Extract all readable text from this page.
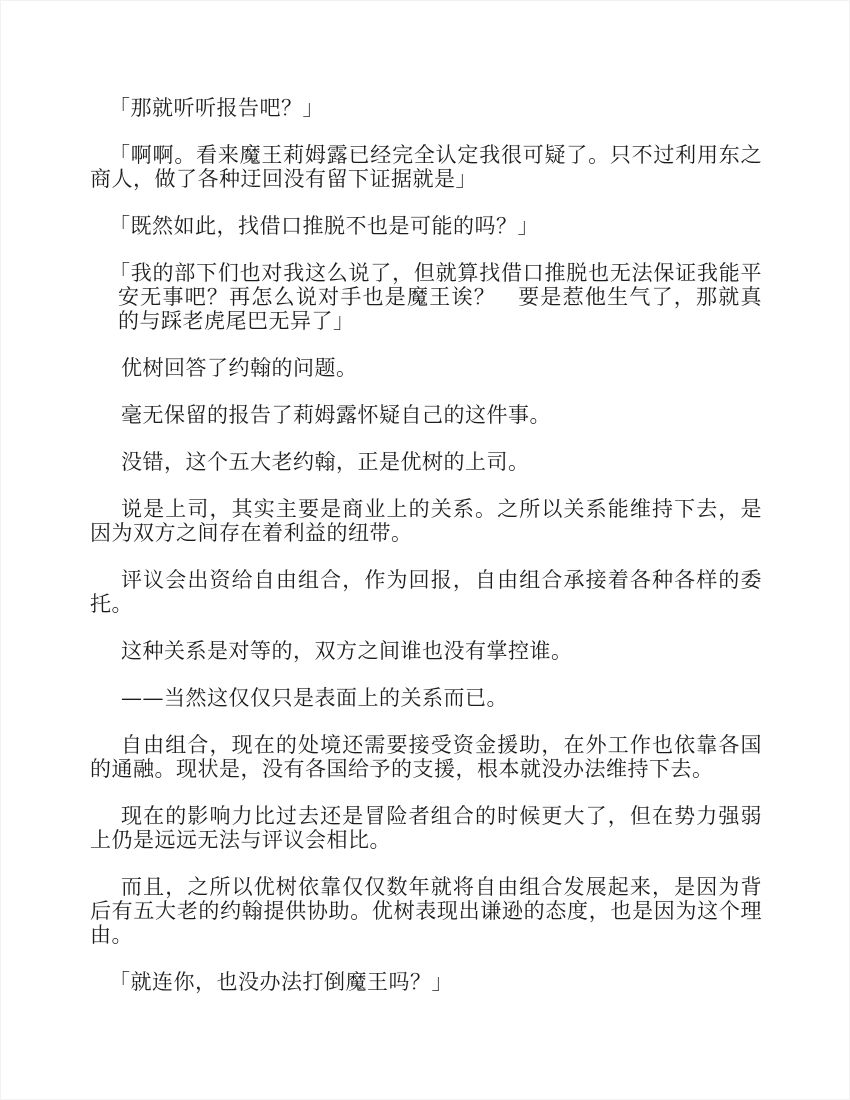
「那就听听报告吧？」

「啊啊。看来魔王莉姆露已经完全认定我很可疑了。只不过利用东之商人，做了各种迂回没有留下证据就是」

「既然如此，找借口推脱不也是可能的吗？」

「我的部下们也对我这么说了，但就算找借口推脱也无法保证我能平安无事吧？再怎么说对手也是魔王诶？　要是惹他生气了，那就真的与踩老虎尾巴无异了」

优树回答了约翰的问题。

毫无保留的报告了莉姆露怀疑自己的这件事。

没错，这个五大老约翰，正是优树的上司。

说是上司，其实主要是商业上的关系。之所以关系能维持下去，是因为双方之间存在着利益的纽带。

评议会出资给自由组合，作为回报，自由组合承接着各种各样的委托。

这种关系是对等的，双方之间谁也没有掌控谁。

——当然这仅仅只是表面上的关系而已。

自由组合，现在的处境还需要接受资金援助，在外工作也依靠各国的通融。现状是，没有各国给予的支援，根本就没办法维持下去。

现在的影响力比过去还是冒险者组合的时候更大了，但在势力强弱上仍是远远无法与评议会相比。

而且，之所以优树依靠仅仅数年就将自由组合发展起来，是因为背后有五大老的约翰提供协助。优树表现出谦逊的态度，也是因为这个理由。

「就连你，也没办法打倒魔王吗？」
